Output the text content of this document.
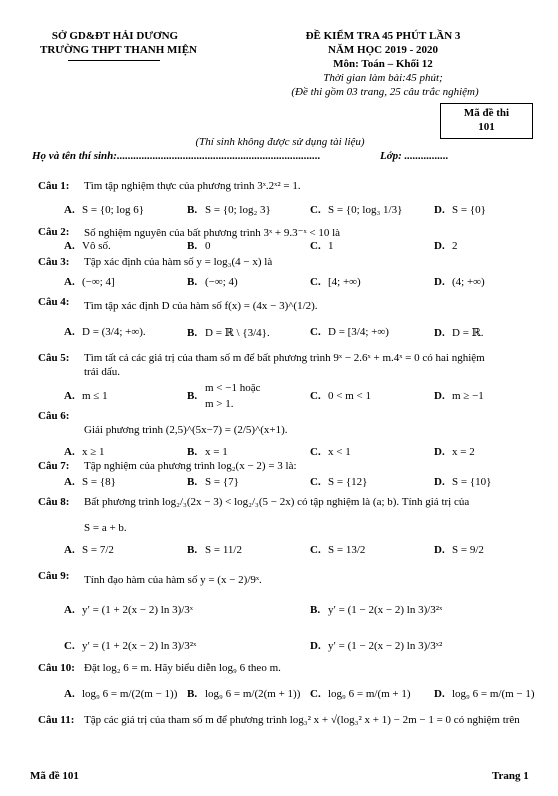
SỞ GD&ĐT HẢI DƯƠNG
TRƯỜNG THPT THANH MIỆN
ĐỀ KIỂM TRA 45 PHÚT LẦN 3
NĂM HỌC 2019 - 2020
Môn: Toán – Khối 12
Thời gian làm bài:45 phút;
(Đề thi gồm 03 trang, 25 câu trắc nghiệm)
Mã đề thi
101
(Thí sinh không được sử dụng tài liệu)
Họ và tên thí sinh:..........................................................................	Lớp: ................
Câu 1: Tìm tập nghiệm thực của phương trình 3ˣ.2ˣ² = 1.
A. S = {0; log 6}	B. S = {0; log₂ 3}	C. S = {0; log₃ 1/3}	D. S = {0}
Câu 2: Số nghiệm nguyên của bất phương trình 3ˣ + 9.3⁻ˣ < 10 là
A. Vô số.	B. 0	C. 1	D. 2
Câu 3: Tập xác định của hàm số y = log₃(4 − x) là
A. (−∞; 4]	B. (−∞; 4)	C. [4; +∞)	D. (4; +∞)
Câu 4: Tìm tập xác định D của hàm số f(x) = (4x − 3)^(1/2).
A. D = (3/4; +∞).	B. D = ℝ \ {3/4}.	C. D = [3/4; +∞)	D. D = ℝ.
Câu 5: Tìm tất cả các giá trị của tham số m để bất phương trình 9ˣ − 2.6ˣ + m.4ˣ = 0 có hai nghiệm
trái dấu.
A. m ≤ 1	B.m < −1 hoặc
m > 1.
C. 0 < m < 1	D. m ≥ −1
Câu 6:
Giải phương trình (2,5)^(5x−7) = (2/5)^(x+1).
A. x ≥ 1	B. x = 1	C. x < 1	D. x = 2
Câu 7: Tập nghiệm của phương trình log₂(x − 2) = 3 là:
A. S = {8}	B. S = {7}	C. S = {12}	D. S = {10}
Câu 8: Bất phương trình log₂/₃(2x − 3) < log₂/₃(5 − 2x) có tập nghiệm là (a; b). Tính giá trị của
S = a + b.
A. S = 7/2	B. S = 11/2	C. S = 13/2	D. S = 9/2
Câu 9: Tính đạo hàm của hàm số y = (x − 2)/9ˣ.
A. y′ = (1 + 2(x − 2) ln 3)/3ˣ	B. y′ = (1 − 2(x − 2) ln 3)/3²ˣ
C. y′ = (1 + 2(x − 2) ln 3)/3²ˣ	D. y′ = (1 − 2(x − 2) ln 3)/3ˣ²
Câu 10: Đặt log₂ 6 = m. Hãy biểu diễn log₉ 6 theo m.
A. log₉ 6 = m/(2(m − 1)) B. log₉ 6 = m/(2(m + 1)) C. log₉ 6 = m/(m + 1) D. log₉ 6 = m/(m − 1)
Câu 11: Tập các giá trị của tham số m để phương trình log₃² x + √(log₃² x + 1) − 2m − 1 = 0 có nghiệm trên
Mã đề 101	Trang 1
